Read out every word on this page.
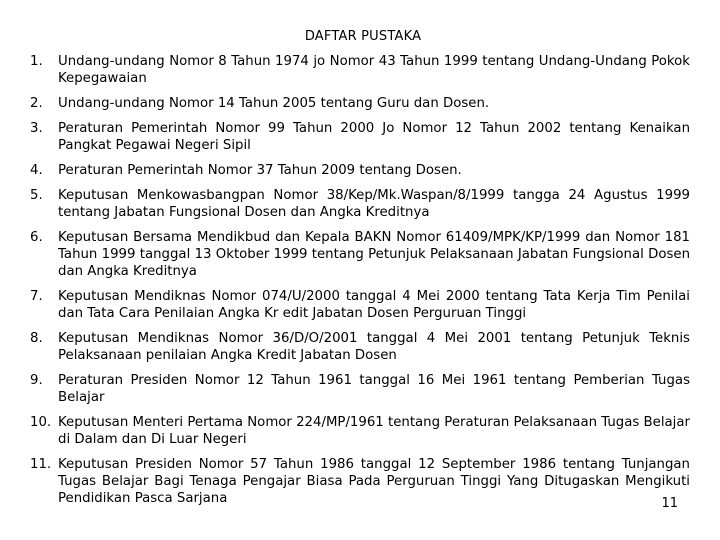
DAFTAR PUSTAKA
1.	Undang-undang Nomor 8 Tahun 1974 jo Nomor 43 Tahun 1999 tentang Undang-Undang Pokok Kepegawaian
2.	Undang-undang Nomor 14 Tahun 2005 tentang Guru dan Dosen.
3.	Peraturan Pemerintah Nomor 99 Tahun 2000 Jo Nomor 12 Tahun 2002 tentang Kenaikan Pangkat Pegawai Negeri Sipil
4.	Peraturan Pemerintah Nomor 37 Tahun 2009 tentang Dosen.
5.	Keputusan Menkowasbangpan Nomor 38/Kep/Mk.Waspan/8/1999 tangga 24 Agustus 1999 tentang Jabatan Fungsional Dosen dan Angka Kreditnya
6.	Keputusan Bersama Mendikbud dan Kepala BAKN Nomor 61409/MPK/KP/1999 dan Nomor 181 Tahun 1999 tanggal 13 Oktober 1999 tentang Petunjuk Pelaksanaan Jabatan Fungsional Dosen dan Angka Kreditnya
7.	Keputusan Mendiknas Nomor 074/U/2000 tanggal 4 Mei 2000 tentang Tata Kerja Tim Penilai dan Tata Cara Penilaian Angka Kr edit Jabatan Dosen Perguruan Tinggi
8.	Keputusan Mendiknas Nomor 36/D/O/2001 tanggal 4 Mei 2001 tentang Petunjuk Teknis Pelaksanaan penilaian Angka Kredit Jabatan Dosen
9.	Peraturan Presiden Nomor 12 Tahun 1961 tanggal 16 Mei 1961 tentang Pemberian Tugas Belajar
10. Keputusan Menteri Pertama Nomor 224/MP/1961 tentang Peraturan Pelaksanaan Tugas Belajar di Dalam dan Di Luar Negeri
11. Keputusan Presiden Nomor 57 Tahun 1986 tanggal 12 September 1986 tentang Tunjangan Tugas Belajar Bagi Tenaga Pengajar Biasa Pada Perguruan Tinggi Yang Ditugaskan Mengikuti Pendidikan Pasca Sarjana	11
